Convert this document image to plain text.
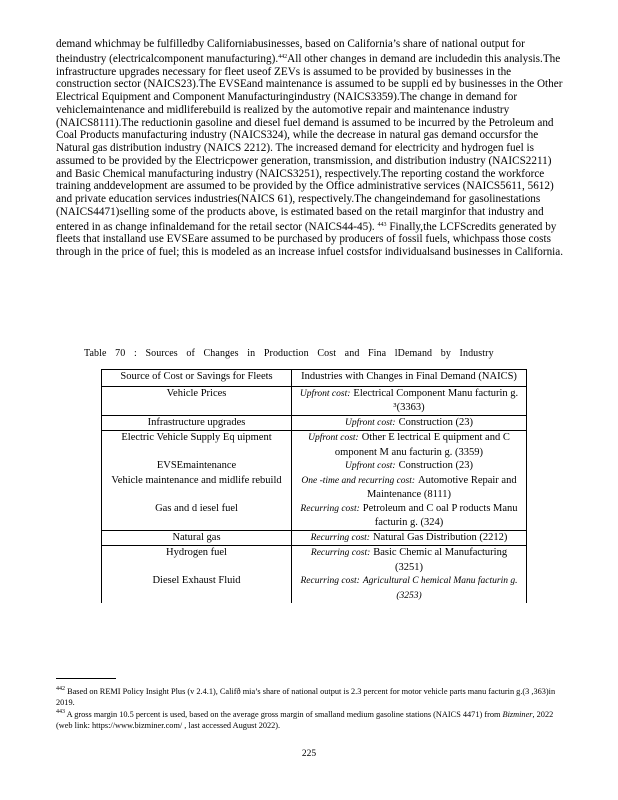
demand whichmay be fulfilledby Californiabusinesses, based on California’s share of national output for theindustry (electricalcomponent manufacturing).$^{442}$All other changes in demand are includedin this analysis.The infrastructure upgrades necessary for fleet useof ZEVs is assumed to be provided by businesses in the construction sector (NAICS23).The EVSEand maintenance is assumed to be suppli ed by businesses in the Other Electrical Equipment and Component Manufacturingindustry (NAICS3359).The change in demand for vehiclemaintenance and midliferebuild is realized by the automotive repair and maintenance industry (NAICS8111).The reductionin gasoline and diesel fuel demand is assumed to be incurred by the Petroleum and Coal Products manufacturing industry (NAICS324), while the decrease in natural gas demand occursfor the Natural gas distribution industry (NAICS 2212). The increased demand for electricity and hydrogen fuel is assumed to be provided by the Electricpower generation, transmission, and distribution industry (NAICS2211) and Basic Chemical manufacturing industry (NAICS3251), respectively.The reporting costand the workforce training anddevelopment are assumed to be provided by the Office administrative services (NAICS5611, 5612) and private education services industries(NAICS 61), respectively.The changeindemand for gasolinestations (NAICS4471)selling some of the products above, is estimated based on the retail marginfor that industry and entered in as change infinaldemand for the retail sector (NAICS44-45). $^{443}$ Finally,the LCFScredits generated by fleets that installand use EVSEare assumed to be purchased by producers of fossil fuels, whichpass those costs through in the price of fuel; this is modeled as an increase infuel costsfor individualsand businesses in California.

Table 70 : Sources of Changes in Production Cost and Fina lDemand by Industry

Source of Cost or Savings for Fleets	Industries with Changes in Final Demand (NAICS)
Vehicle Prices	Upfront cost: Electrical Component Manu facturin g. ³(3363)
Infrastructure upgrades	Upfront cost: Construction (23)
Electric Vehicle Supply Eq uipment	Upfront cost: Other E lectrical E quipment and C omponent M anu facturin g. (3359)
EVSEmaintenance	Upfront cost: Construction (23)
Vehicle maintenance and midlife rebuild	One -time and recurring cost: Automotive Repair and Maintenance (8111)
Gas and d iesel fuel	Recurring cost: Petroleum and C oal P roducts Manu facturin g. (324)
Natural gas	Recurring cost: Natural Gas Distribution (2212)
Hydrogen fuel	Recurring cost: Basic Chemic al Manufacturing (3251)
Diesel Exhaust Fluid	Recurring cost: Agricultural C hemical Manu facturin g. (3253)

$^{442}$ Based on REMI Policy Insight Plus (v 2.4.1), Califð mia’s share of national output is 2.3 percent for motor vehicle parts manu facturin g.(3 ,363)in 2019.

$^{443}$ A gross margin 10.5 percent is used, based on the average gross margin of smalland medium gasoline stations (NAICS 4471) from Bizminer, 2022 (web link: https://www.bizminer.com/ , last accessed August 2022).

225
